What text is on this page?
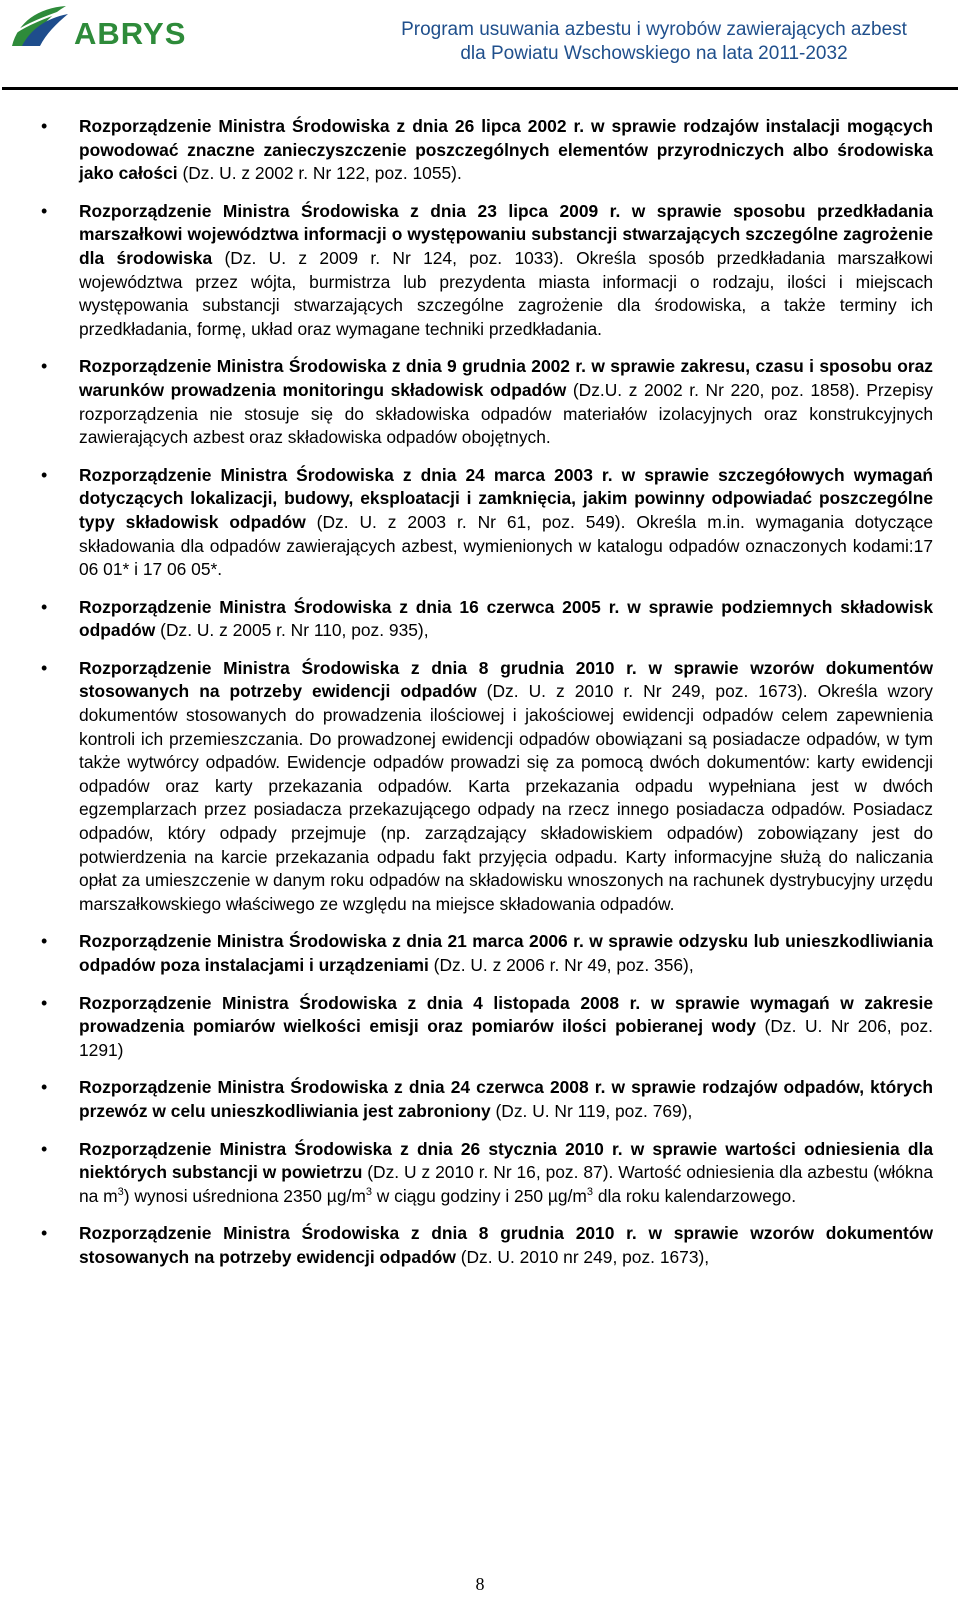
ABRYS	Program usuwania azbestu i wyrobów zawierających azbest
dla Powiatu Wschowskiego na lata 2011-2032
• Rozporządzenie Ministra Środowiska z dnia 26 lipca 2002 r. w sprawie rodzajów instalacji mogących powodować znaczne zanieczyszczenie poszczególnych elementów przyrodniczych albo środowiska jako całości (Dz. U. z 2002 r. Nr 122, poz. 1055).
• Rozporządzenie Ministra Środowiska z dnia 23 lipca 2009 r. w sprawie sposobu przedkładania marszałkowi województwa informacji o występowaniu substancji stwarzających szczególne zagrożenie dla środowiska (Dz. U. z 2009 r. Nr 124, poz. 1033). Określa sposób przedkładania marszałkowi województwa przez wójta, burmistrza lub prezydenta miasta informacji o rodzaju, ilości i miejscach występowania substancji stwarzających szczególne zagrożenie dla środowiska, a także terminy ich przedkładania, formę, układ oraz wymagane techniki przedkładania.
• Rozporządzenie Ministra Środowiska z dnia 9 grudnia 2002 r. w sprawie zakresu, czasu i sposobu oraz warunków prowadzenia monitoringu składowisk odpadów (Dz.U. z 2002 r. Nr 220, poz. 1858). Przepisy rozporządzenia nie stosuje się do składowiska odpadów materiałów izolacyjnych oraz konstrukcyjnych zawierających azbest oraz składowiska odpadów obojętnych.
• Rozporządzenie Ministra Środowiska z dnia 24 marca 2003 r. w sprawie szczegółowych wymagań dotyczących lokalizacji, budowy, eksploatacji i zamknięcia, jakim powinny odpowiadać poszczególne typy składowisk odpadów (Dz. U. z 2003 r. Nr 61, poz. 549). Określa m.in. wymagania dotyczące składowania dla odpadów zawierających azbest, wymienionych w katalogu odpadów oznaczonych kodami:17 06 01* i 17 06 05*.
• Rozporządzenie Ministra Środowiska z dnia 16 czerwca 2005 r. w sprawie podziemnych składowisk odpadów (Dz. U. z 2005 r. Nr 110, poz. 935),
• Rozporządzenie Ministra Środowiska z dnia 8 grudnia 2010 r. w sprawie wzorów dokumentów stosowanych na potrzeby ewidencji odpadów (Dz. U. z 2010 r. Nr 249, poz. 1673). Określa wzory dokumentów stosowanych do prowadzenia ilościowej i jakościowej ewidencji odpadów celem zapewnienia kontroli ich przemieszczania. Do prowadzonej ewidencji odpadów obowiązani są posiadacze odpadów, w tym także wytwórcy odpadów. Ewidencje odpadów prowadzi się za pomocą dwóch dokumentów: karty ewidencji odpadów oraz karty przekazania odpadów. Karta przekazania odpadu wypełniana jest w dwóch egzemplarzach przez posiadacza przekazującego odpady na rzecz innego posiadacza odpadów. Posiadacz odpadów, który odpady przejmuje (np. zarządzający składowiskiem odpadów) zobowiązany jest do potwierdzenia na karcie przekazania odpadu fakt przyjęcia odpadu. Karty informacyjne służą do naliczania opłat za umieszczenie w danym roku odpadów na składowisku wnoszonych na rachunek dystrybucyjny urzędu marszałkowskiego właściwego ze względu na miejsce składowania odpadów.
• Rozporządzenie Ministra Środowiska z dnia 21 marca 2006 r. w sprawie odzysku lub unieszkodliwiania odpadów poza instalacjami i urządzeniami (Dz. U. z 2006 r. Nr 49, poz. 356),
• Rozporządzenie Ministra Środowiska z dnia 4 listopada 2008 r. w sprawie wymagań w zakresie prowadzenia pomiarów wielkości emisji oraz pomiarów ilości pobieranej wody (Dz. U. Nr 206, poz. 1291)
• Rozporządzenie Ministra Środowiska z dnia 24 czerwca 2008 r. w sprawie rodzajów odpadów, których przewóz w celu unieszkodliwiania jest zabroniony (Dz. U. Nr 119, poz. 769),
• Rozporządzenie Ministra Środowiska z dnia 26 stycznia 2010 r. w sprawie wartości odniesienia dla niektórych substancji w powietrzu (Dz. U z 2010 r. Nr 16, poz. 87). Wartość odniesienia dla azbestu (włókna na $m^3$) wynosi uśredniona 2350 $\mu g/m^3$ w ciągu godziny i 250 $\mu g/m^3$ dla roku kalendarzowego.
• Rozporządzenie Ministra Środowiska z dnia 8 grudnia 2010 r. w sprawie wzorów dokumentów stosowanych na potrzeby ewidencji odpadów (Dz. U. 2010 nr 249, poz. 1673),
8
